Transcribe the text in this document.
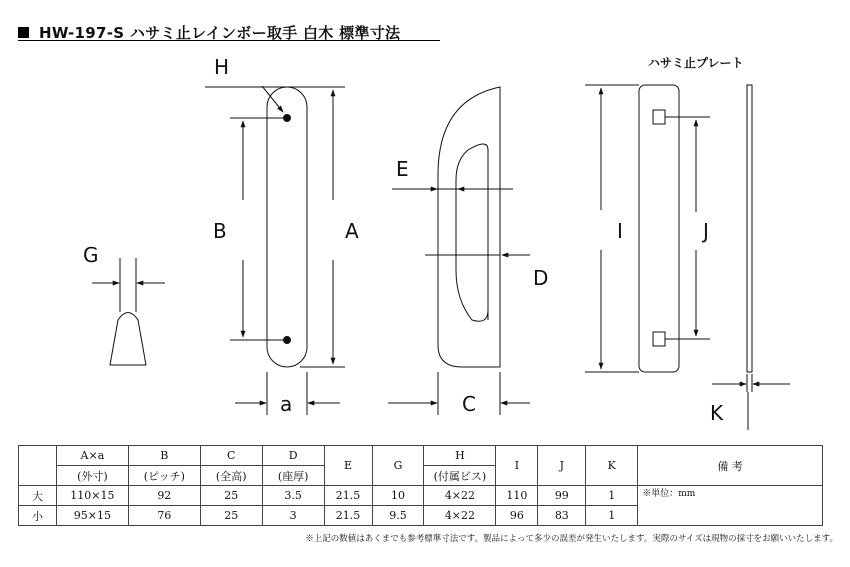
HW-197-S ハサミ止レインボー取手 白木 標準寸法
ハサミ止プレート
G
H
B	A
a
E
D
C
I	J
K
	A×a	B	C	D	E	G	H	I	J	K	備 考
	(外寸)	(ピッチ)	(全高)	(座厚)			(付属ビス)				
大	110×15	92	25	3.5	21.5	10	4×22	110	99	1	※単位：mm
小	95×15	76	25	3	21.5	9.5	4×22	96	83	1	
※上記の数値はあくまでも参考標準寸法です。製品によって多少の誤差が発生いたします。実際のサイズは現物の採寸をお願いいたします。
